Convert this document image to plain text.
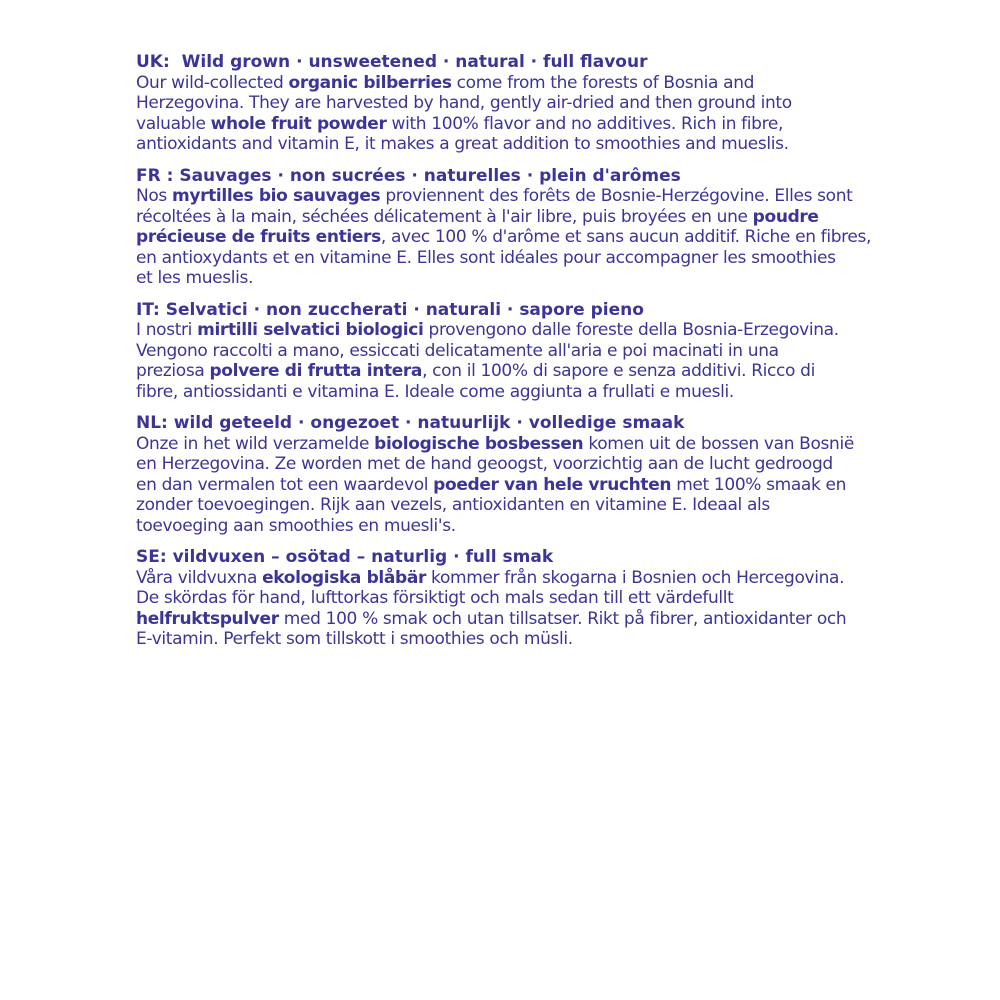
UK:  Wild grown · unsweetened · natural · full flavour

Our wild-collected organic bilberries come from the forests of Bosnia and
Herzegovina. They are harvested by hand, gently air-dried and then ground into
valuable whole fruit powder with 100% flavor and no additives. Rich in fibre,
antioxidants and vitamin E, it makes a great addition to smoothies and mueslis.

FR : Sauvages · non sucrées · naturelles · plein d'arômes

Nos myrtilles bio sauvages proviennent des forêts de Bosnie-Herzégovine. Elles sont
récoltées à la main, séchées délicatement à l'air libre, puis broyées en une poudre
précieuse de fruits entiers, avec 100 % d'arôme et sans aucun additif. Riche en fibres,
en antioxydants et en vitamine E. Elles sont idéales pour accompagner les smoothies
et les mueslis.

IT: Selvatici · non zuccherati · naturali · sapore pieno

I nostri mirtilli selvatici biologici provengono dalle foreste della Bosnia-Erzegovina.
Vengono raccolti a mano, essiccati delicatamente all'aria e poi macinati in una
preziosa polvere di frutta intera, con il 100% di sapore e senza additivi. Ricco di
fibre, antiossidanti e vitamina E. Ideale come aggiunta a frullati e muesli.

NL: wild geteeld · ongezoet · natuurlijk · volledige smaak

Onze in het wild verzamelde biologische bosbessen komen uit de bossen van Bosnië
en Herzegovina. Ze worden met de hand geoogst, voorzichtig aan de lucht gedroogd
en dan vermalen tot een waardevol poeder van hele vruchten met 100% smaak en
zonder toevoegingen. Rijk aan vezels, antioxidanten en vitamine E. Ideaal als
toevoeging aan smoothies en muesli's.

SE: vildvuxen – osötad – naturlig · full smak

Våra vildvuxna ekologiska blåbär kommer från skogarna i Bosnien och Hercegovina.
De skördas för hand, lufttorkas försiktigt och mals sedan till ett värdefullt
helfruktspulver med 100 % smak och utan tillsatser. Rikt på fibrer, antioxidanter och
E-vitamin. Perfekt som tillskott i smoothies och müsli.
